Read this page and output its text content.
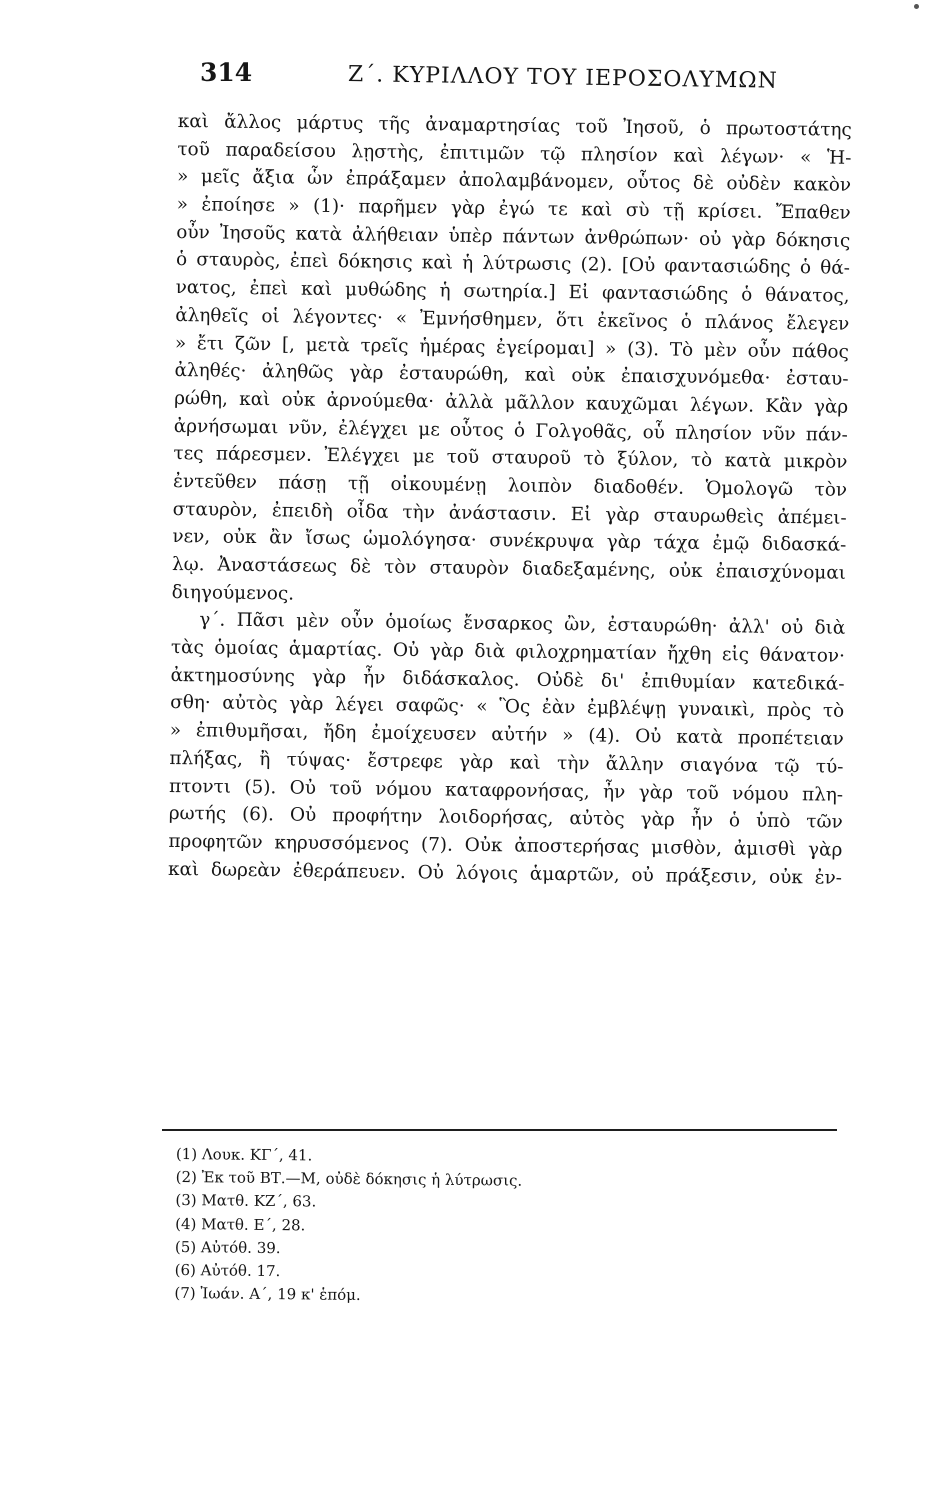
314	Ζ΄. ΚΥΡΙΛΛΟΥ ΤΟΥ ΙΕΡΟΣΟΛΥΜΩΝ
καὶ ἄλλος μάρτυς τῆς ἀναμαρτησίας τοῦ Ἰησοῦ, ὁ πρωτοστάτης
τοῦ παραδείσου λῃστὴς, ἐπιτιμῶν τῷ πλησίον καὶ λέγων· « Ἡ-
» μεῖς ἄξια ὧν ἐπράξαμεν ἀπολαμβάνομεν, οὗτος δὲ οὐδὲν κακὸν
» ἐποίησε » (1)· παρῆμεν γὰρ ἐγώ τε καὶ σὺ τῇ κρίσει. Ἔπαθεν
οὖν Ἰησοῦς κατὰ ἀλήθειαν ὑπὲρ πάντων ἀνθρώπων· οὐ γὰρ δόκησις
ὁ σταυρὸς, ἐπεὶ δόκησις καὶ ἡ λύτρωσις (2). [Οὐ φαντασιώδης ὁ θά-
νατος, ἐπεὶ καὶ μυθώδης ἡ σωτηρία.] Εἰ φαντασιώδης ὁ θάνατος,
ἀληθεῖς οἱ λέγοντες· « Ἐμνήσθημεν, ὅτι ἐκεῖνος ὁ πλάνος ἔλεγεν
» ἔτι ζῶν [, μετὰ τρεῖς ἡμέρας ἐγείρομαι] » (3). Τὸ μὲν οὖν πάθος
ἀληθές· ἀληθῶς γὰρ ἐσταυρώθη, καὶ οὐκ ἐπαισχυνόμεθα· ἐσταυ-
ρώθη, καὶ οὐκ ἀρνούμεθα· ἀλλὰ μᾶλλον καυχῶμαι λέγων. Κἂν γὰρ
ἀρνήσωμαι νῦν, ἐλέγχει με οὗτος ὁ Γολγοθᾶς, οὗ πλησίον νῦν πάν-
τες πάρεσμεν. Ἐλέγχει με τοῦ σταυροῦ τὸ ξύλον, τὸ κατὰ μικρὸν
ἐντεῦθεν πάσῃ τῇ οἰκουμένῃ λοιπὸν διαδοθέν. Ὁμολογῶ τὸν
σταυρὸν, ἐπειδὴ οἶδα τὴν ἀνάστασιν. Εἰ γὰρ σταυρωθεὶς ἀπέμει-
νεν, οὐκ ἂν ἴσως ὡμολόγησα· συνέκρυψα γὰρ τάχα ἐμῷ διδασκά-
λῳ. Ἀναστάσεως δὲ τὸν σταυρὸν διαδεξαμένης, οὐκ ἐπαισχύνομαι
διηγούμενος.
γ΄. Πᾶσι μὲν οὖν ὁμοίως ἔνσαρκος ὢν, ἐσταυρώθη· ἀλλ' οὐ διὰ
τὰς ὁμοίας ἁμαρτίας. Οὐ γὰρ διὰ φιλοχρηματίαν ἤχθη εἰς θάνατον·
ἀκτημοσύνης γὰρ ἦν διδάσκαλος. Οὐδὲ δι' ἐπιθυμίαν κατεδικά-
σθη· αὐτὸς γὰρ λέγει σαφῶς· « Ὃς ἐὰν ἐμβλέψῃ γυναικὶ, πρὸς τὸ
» ἐπιθυμῆσαι, ἤδη ἐμοίχευσεν αὐτήν » (4). Οὐ κατὰ προπέτειαν
πλήξας, ἢ τύψας· ἔστρεφε γὰρ καὶ τὴν ἄλλην σιαγόνα τῷ τύ-
πτοντι (5). Οὐ τοῦ νόμου καταφρονήσας, ἦν γὰρ τοῦ νόμου πλη-
ρωτής (6). Οὐ προφήτην λοιδορήσας, αὐτὸς γὰρ ἦν ὁ ὑπὸ τῶν
προφητῶν κηρυσσόμενος (7). Οὐκ ἀποστερήσας μισθὸν, ἀμισθὶ γὰρ
καὶ δωρεὰν ἐθεράπευεν. Οὐ λόγοις ἁμαρτῶν, οὐ πράξεσιν, οὐκ ἐν-
(1) Λουκ. ΚΓ΄, 41.
(2) Ἐκ τοῦ ΒΤ.—Μ, οὐδὲ δόκησις ἡ λύτρωσις.
(3) Ματθ. ΚΖ΄, 63.
(4) Ματθ. Ε΄, 28.
(5) Αὐτόθ. 39.
(6) Αὐτόθ. 17.
(7) Ἰωάν. Α΄, 19 κ' ἑπόμ.
